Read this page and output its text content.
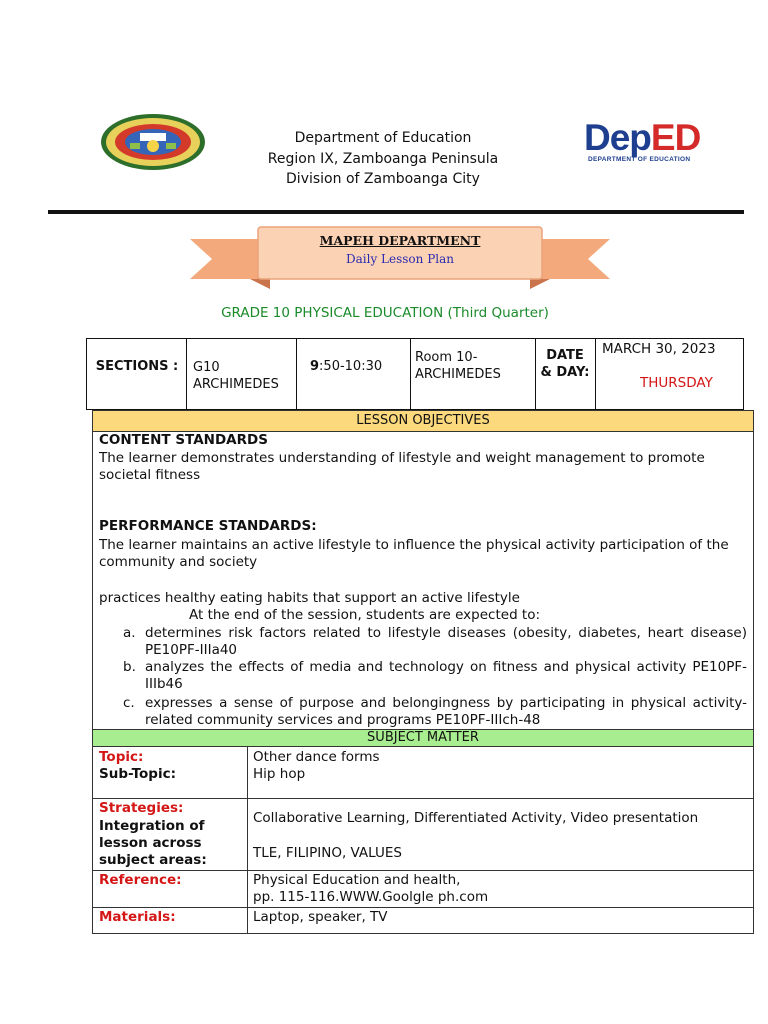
Department of Education
Region IX, Zamboanga Peninsula
Division of Zamboanga City
DepED
DEPARTMENT OF EDUCATION
MAPEH DEPARTMENT
Daily Lesson Plan
GRADE 10 PHYSICAL EDUCATION (Third Quarter)
SECTIONS : G10 ARCHIMEDES
9:50-10:30
Room 10-ARCHIMEDES
DATE & DAY:
MARCH 30, 2023
THURSDAY
LESSON OBJECTIVES
CONTENT STANDARDS
The learner demonstrates understanding of lifestyle and weight management to promote societal fitness
PERFORMANCE STANDARDS:
The learner maintains an active lifestyle to influence the physical activity participation of the community and society
practices healthy eating habits that support an active lifestyle
At the end of the session, students are expected to:
a. determines risk factors related to lifestyle diseases (obesity, diabetes, heart disease)
PE10PF-IIIa40
b. analyzes the effects of media and technology on fitness and physical activity PE10PF-
IIIb46
c. expresses a sense of purpose and belongingness by participating in physical activity-
related community services and programs PE10PF-IIIch-48
SUBJECT MATTER
Topic:
Sub-Topic:
Other dance forms
Hip hop
Strategies:
Integration of
lesson across
subject areas:
Collaborative Learning, Differentiated Activity, Video presentation
TLE, FILIPINO, VALUES
Reference:	Physical Education and health,
pp. 115-116.WWW.Goolgle ph.com
Materials:	Laptop, speaker, TV
